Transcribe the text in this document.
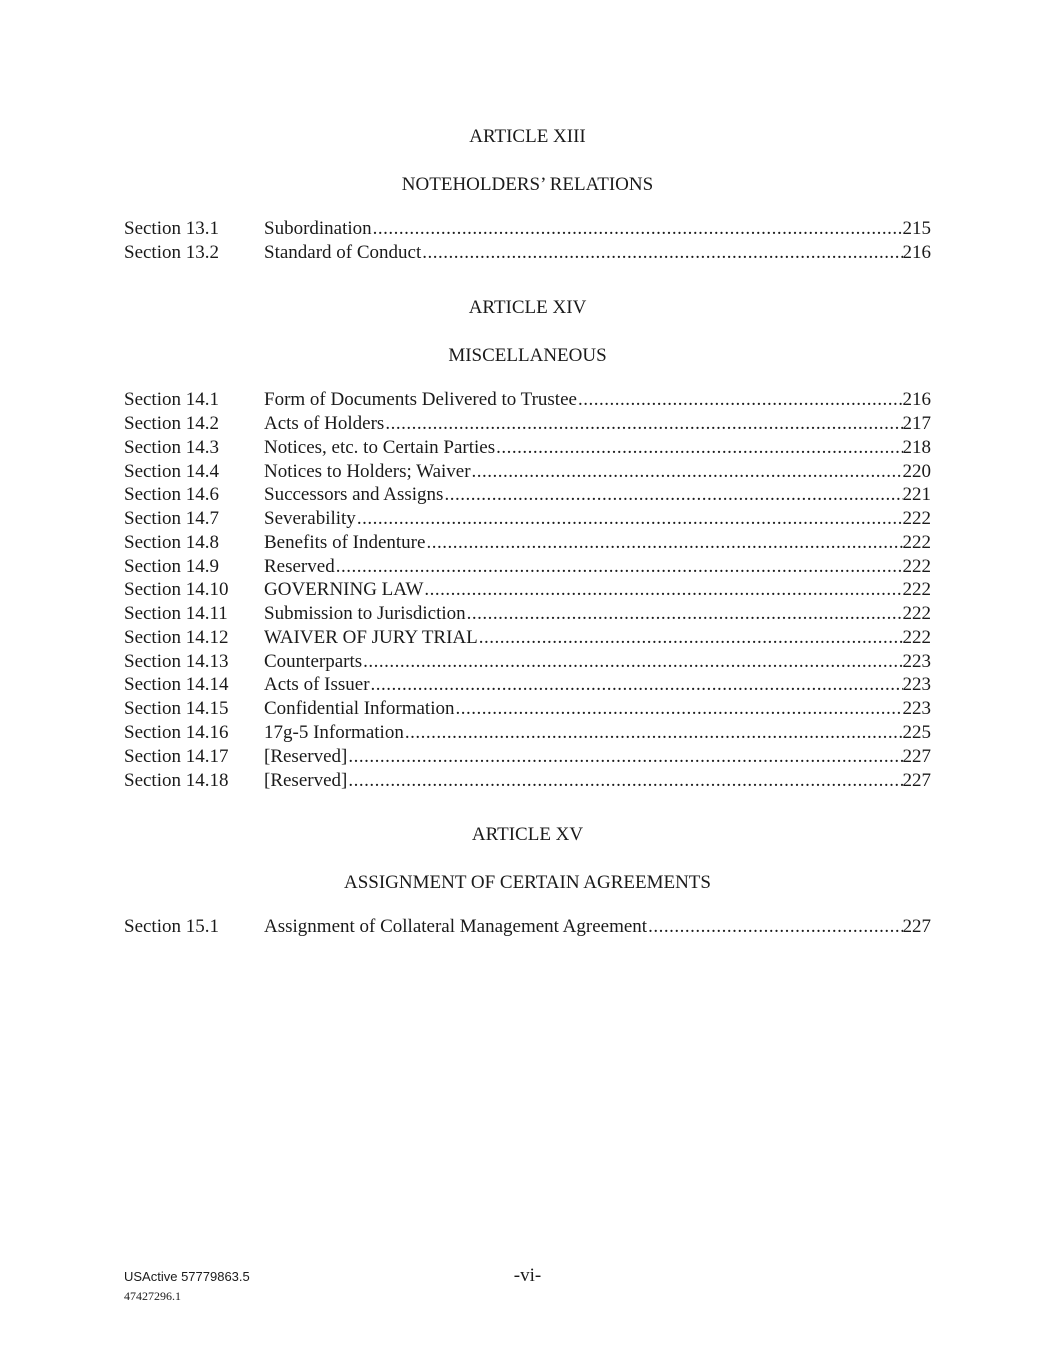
ARTICLE XIII
NOTEHOLDERS’ RELATIONS
Section 13.1	Subordination .....	215
Section 13.2	Standard of Conduct .....	216
ARTICLE XIV
MISCELLANEOUS
Section 14.1	Form of Documents Delivered to Trustee .....	216
Section 14.2	Acts of Holders .....	217
Section 14.3	Notices, etc. to Certain Parties .....	218
Section 14.4	Notices to Holders; Waiver .....	220
Section 14.6	Successors and Assigns .....	221
Section 14.7	Severability .....	222
Section 14.8	Benefits of Indenture .....	222
Section 14.9	Reserved .....	222
Section 14.10	GOVERNING LAW .....	222
Section 14.11	Submission to Jurisdiction .....	222
Section 14.12	WAIVER OF JURY TRIAL .....	222
Section 14.13	Counterparts .....	223
Section 14.14	Acts of Issuer .....	223
Section 14.15	Confidential Information .....	223
Section 14.16	17g-5 Information .....	225
Section 14.17	[Reserved] .....	227
Section 14.18	[Reserved] .....	227
ARTICLE XV
ASSIGNMENT OF CERTAIN AGREEMENTS
Section 15.1	Assignment of Collateral Management Agreement .....	227
USActive 57779863.5
47427296.1
-vi-
